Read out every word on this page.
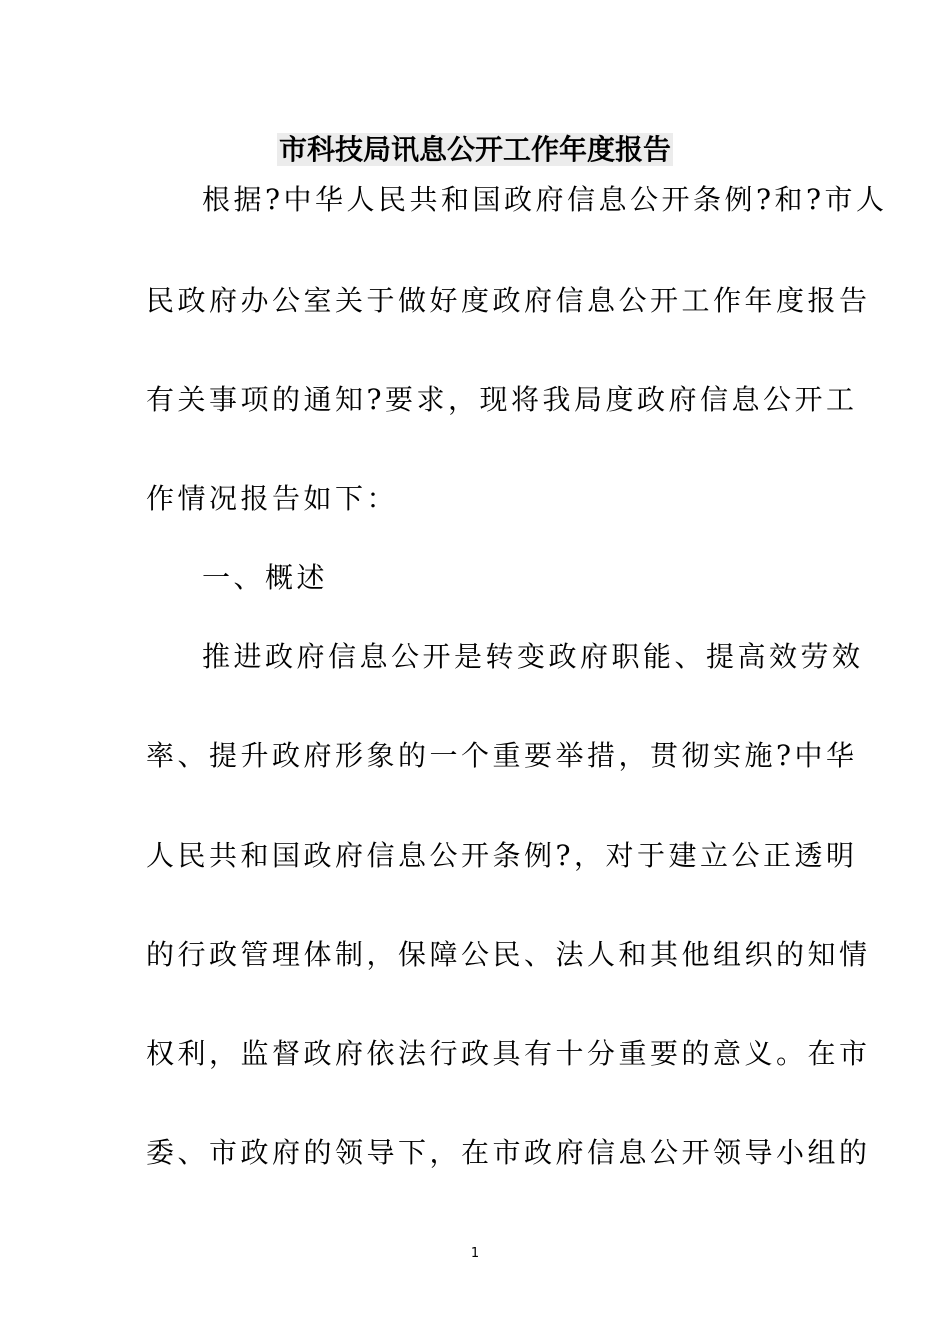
市科技局讯息公开工作年度报告

根据?中华人民共和国政府信息公开条例?和?市人

民政府办公室关于做好度政府信息公开工作年度报告

有关事项的通知?要求，现将我局度政府信息公开工

作情况报告如下：

一、概述

推进政府信息公开是转变政府职能、提高效劳效

率、提升政府形象的一个重要举措，贯彻实施?中华

人民共和国政府信息公开条例?，对于建立公正透明

的行政管理体制，保障公民、法人和其他组织的知情

权利，监督政府依法行政具有十分重要的意义。在市

委、市政府的领导下，在市政府信息公开领导小组的

1
